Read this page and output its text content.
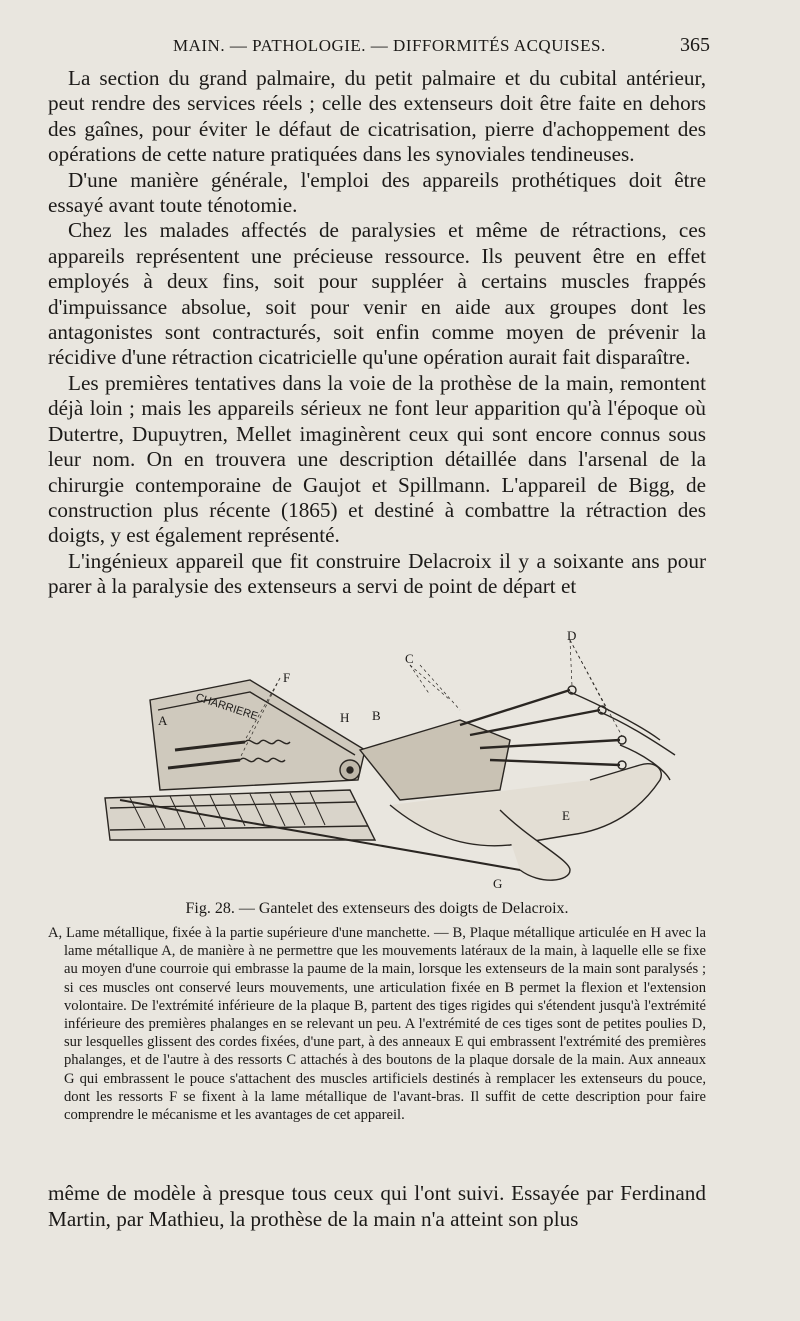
MAIN. — PATHOLOGIE. — DIFFORMITÉS ACQUISES.	365

La section du grand palmaire, du petit palmaire et du cubital antérieur, peut rendre des services réels ; celle des extenseurs doit être faite en dehors des gaînes, pour éviter le défaut de cicatrisation, pierre d'achoppement des opérations de cette nature pratiquées dans les synoviales tendineuses.

D'une manière générale, l'emploi des appareils prothétiques doit être essayé avant toute ténotomie.

Chez les malades affectés de paralysies et même de rétractions, ces appareils représentent une précieuse ressource. Ils peuvent être en effet employés à deux fins, soit pour suppléer à certains muscles frappés d'impuissance absolue, soit pour venir en aide aux groupes dont les antagonistes sont contracturés, soit enfin comme moyen de prévenir la récidive d'une rétraction cicatricielle qu'une opération aurait fait disparaître.

Les premières tentatives dans la voie de la prothèse de la main, remontent déjà loin ; mais les appareils sérieux ne font leur apparition qu'à l'époque où Dutertre, Dupuytren, Mellet imaginèrent ceux qui sont encore connus sous leur nom. On en trouvera une description détaillée dans l'arsenal de la chirurgie contemporaine de Gaujot et Spillmann. L'appareil de Bigg, de construction plus récente (1865) et destiné à combattre la rétraction des doigts, y est également représenté.

L'ingénieux appareil que fit construire Delacroix il y a soixante ans pour parer à la paralysie des extenseurs a servi de point de départ et

CHARRIERE
A	B
C
D
E
F
G
H
Fig. 28. — Gantelet des extenseurs des doigts de Delacroix.

A, Lame métallique, fixée à la partie supérieure d'une manchette. — B, Plaque métallique articulée en H avec la lame métallique A, de manière à ne permettre que les mouvements latéraux de la main, à laquelle elle se fixe au moyen d'une courroie qui embrasse la paume de la main, lorsque les extenseurs de la main sont paralysés ; si ces muscles ont conservé leurs mouvements, une articulation fixée en B permet la flexion et l'extension volontaire. De l'extrémité inférieure de la plaque B, partent des tiges rigides qui s'étendent jusqu'à l'extrémité inférieure des premières phalanges en se relevant un peu. A l'extrémité de ces tiges sont de petites poulies D, sur lesquelles glissent des cordes fixées, d'une part, à des anneaux E qui embrassent l'extrémité des premières phalanges, et de l'autre à des ressorts C attachés à des boutons de la plaque dorsale de la main. Aux anneaux G qui embrassent le pouce s'attachent des muscles artificiels destinés à remplacer les extenseurs du pouce, dont les ressorts F se fixent à la lame métallique de l'avant-bras. Il suffit de cette description pour faire comprendre le mécanisme et les avantages de cet appareil.

même de modèle à presque tous ceux qui l'ont suivi. Essayée par Ferdinand Martin, par Mathieu, la prothèse de la main n'a atteint son plus
